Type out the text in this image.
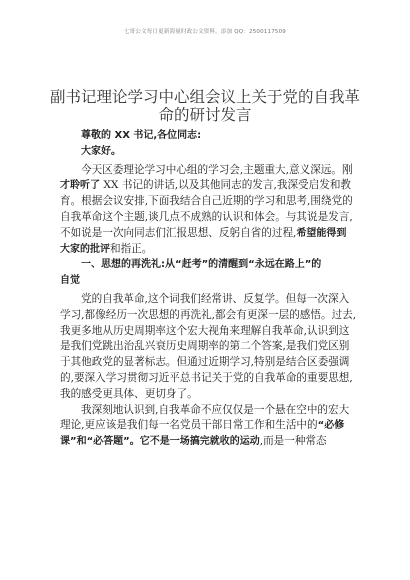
七哥公文每日更新海量时政公文资料，添加 QQ：2500117509
副书记理论学习中心组会议上关于党的自我革
命的研讨发言
尊敬的 XX 书记,各位同志:
大家好。
今天区委理论学习中心组的学习会,主题重大,意义深远。刚
才聆听了 XX 书记的讲话,以及其他同志的发言,我深受启发和教
育。根据会议安排,下面我结合自己近期的学习和思考,围绕党的
自我革命这个主题,谈几点不成熟的认识和体会。与其说是发言,
不如说是一次向同志们汇报思想、反躬自省的过程,希望能得到
大家的批评和指正。
一、思想的再洗礼:从“赶考”的清醒到“永远在路上”的
自觉
党的自我革命,这个词我们经常讲、反复学。但每一次深入
学习,都像经历一次思想的再洗礼,都会有更深一层的感悟。过去,
我更多地从历史周期率这个宏大视角来理解自我革命,认识到这
是我们党跳出治乱兴衰历史周期率的第二个答案,是我们党区别
于其他政党的显著标志。但通过近期学习,特别是结合区委强调
的,要深入学习贯彻习近平总书记关于党的自我革命的重要思想,
我的感受更具体、更切身了。
我深刻地认识到,自我革命不应仅仅是一个悬在空中的宏大
理论,更应该是我们每一名党员干部日常工作和生活中的“必修
课”和“必答题”。它不是一场搞完就收的运动,而是一种常态
